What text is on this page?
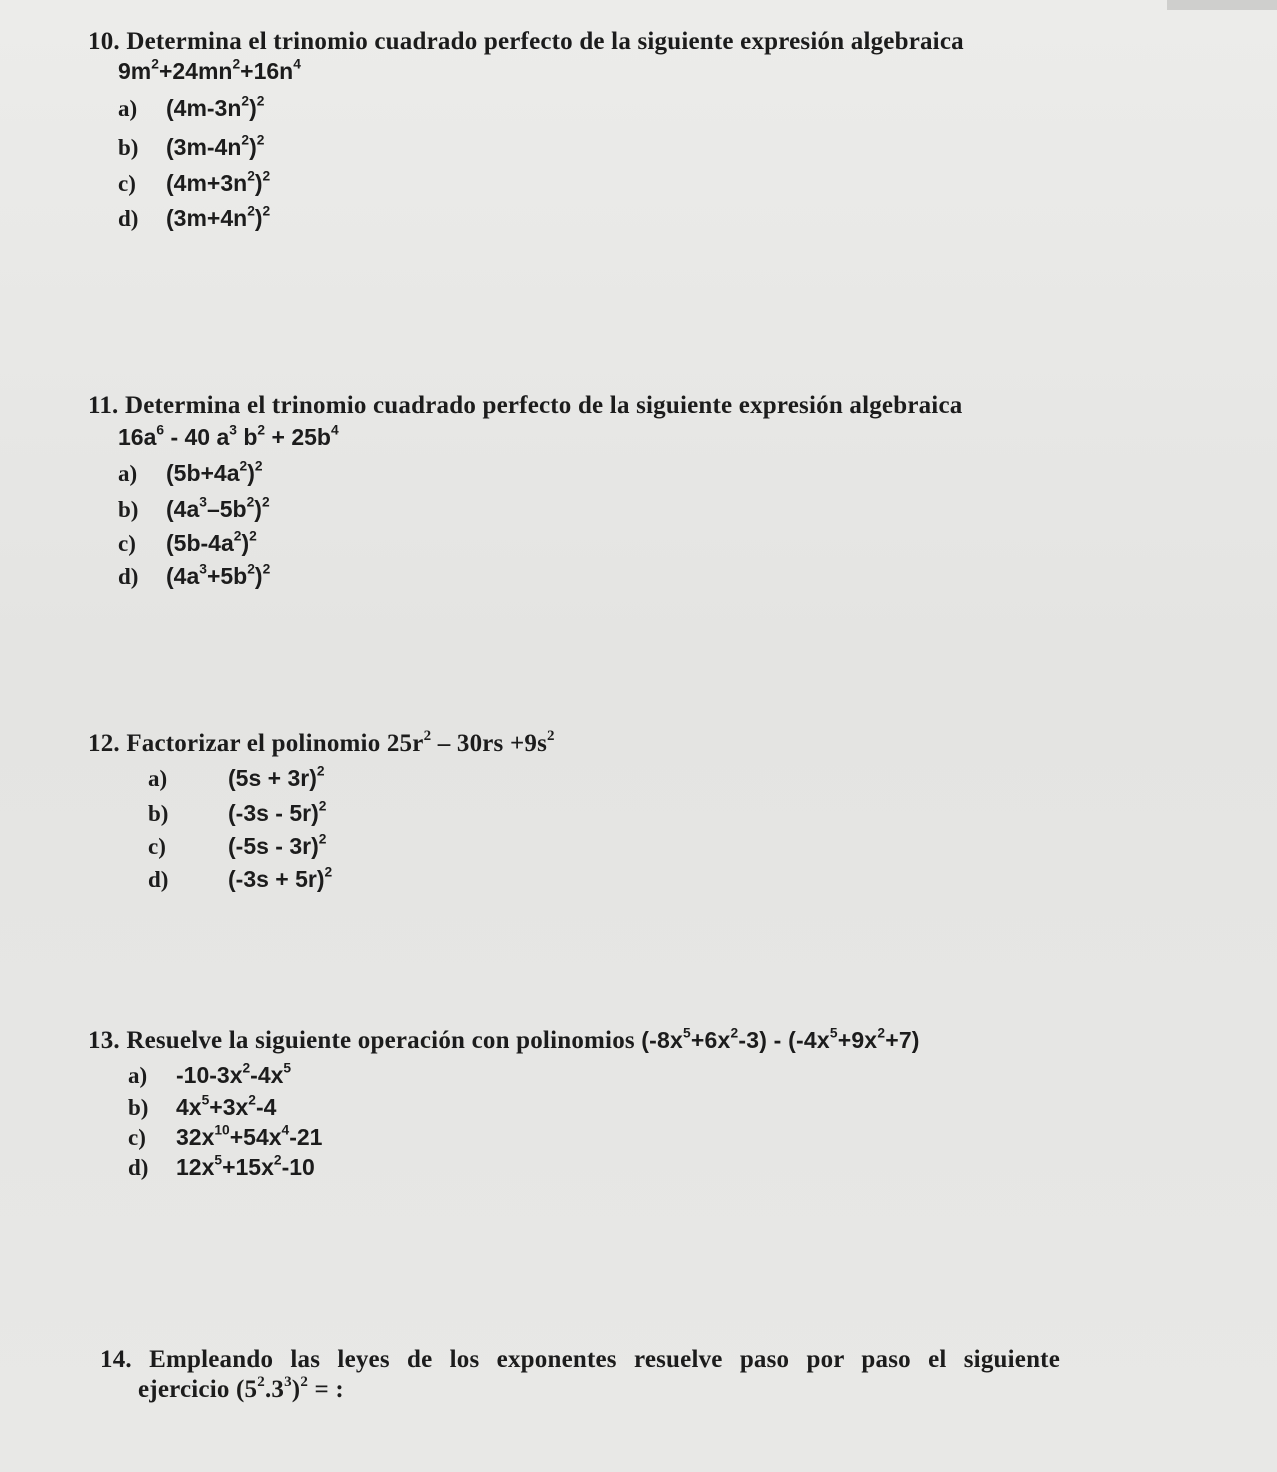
10. Determina el trinomio cuadrado perfecto de la siguiente expresión algebraica
$9m^2+24mn^2+16n^4$
a) $(4m-3n^2)^2$
b) $(3m-4n^2)^2$
c) $(4m+3n^2)^2$
d) $(3m+4n^2)^2$
11. Determina el trinomio cuadrado perfecto de la siguiente expresión algebraica
$16a^6 - 40$ $a^3$ $b^2 + 25b^4$
a) $(5b+4a^2)^2$
b) $(4a^3-5b^2)^2$
c) $(5b-4a^2)^2$
d) $(4a^3+5b^2)^2$
12. Factorizar el polinomio $25r^2 - 30rs +9s^2$
a)	$(5s + 3r)^2$
b)	(-3s - 5r)$^2$
c)	(-5s - 3r)$^2$
d)	$(-3s + 5r)^2$
13. Resuelve la siguiente operación con polinomios $(-8x^5+6x^2-3) - (-4x^5+9x^2+7)$
a) $-10-3x^2-4x^5$
b) $4x^5+3x^2-4$
c) $32x^{10}+54x^4-21$
d) $12x^5+15x^2-10$
14. Empleando las leyes de los exponentes resuelve paso por paso el siguiente
ejercicio $(5^2.3^3)^2$ = :
